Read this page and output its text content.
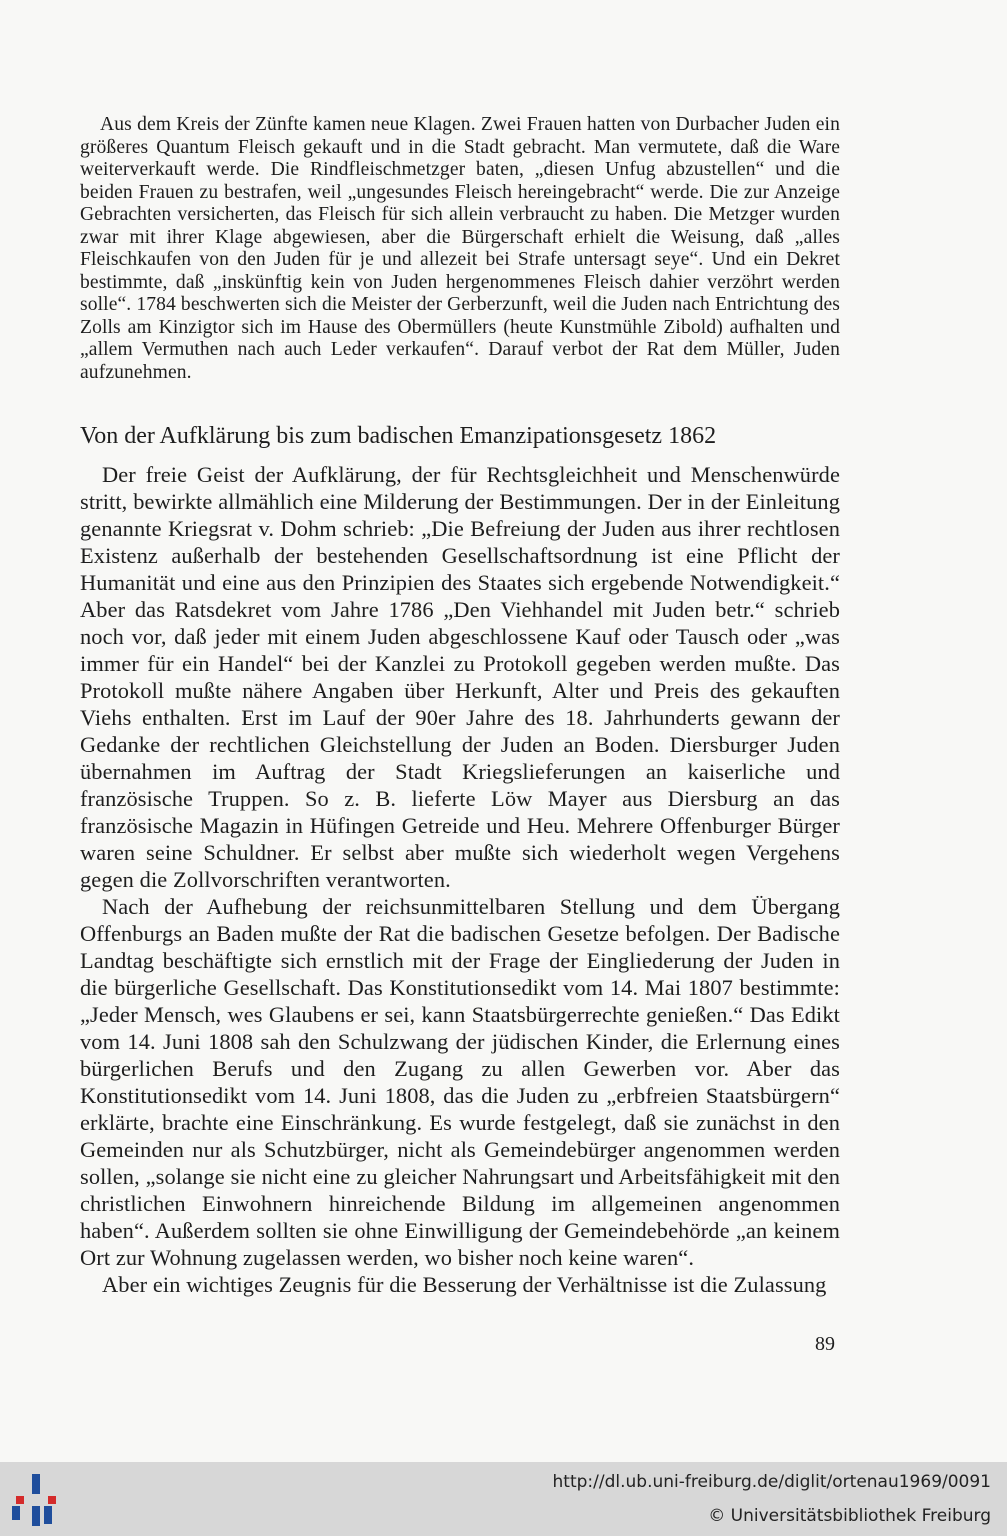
Aus dem Kreis der Zünfte kamen neue Klagen. Zwei Frauen hatten von Durbacher Juden ein größeres Quantum Fleisch gekauft und in die Stadt gebracht. Man vermutete, daß die Ware weiterverkauft werde. Die Rindfleischmetzger baten, „diesen Unfug abzustellen“ und die beiden Frauen zu bestrafen, weil „ungesundes Fleisch hereingebracht“ werde. Die zur Anzeige Gebrachten versicherten, das Fleisch für sich allein verbraucht zu haben. Die Metzger wurden zwar mit ihrer Klage abgewiesen, aber die Bürgerschaft erhielt die Weisung, daß „alles Fleischkaufen von den Juden für je und allezeit bei Strafe untersagt seye“. Und ein Dekret bestimmte, daß „inskünftig kein von Juden hergenommenes Fleisch dahier verzöhrt werden solle“. 1784 beschwerten sich die Meister der Gerberzunft, weil die Juden nach Entrichtung des Zolls am Kinzigtor sich im Hause des Obermüllers (heute Kunstmühle Zibold) aufhalten und „allem Vermuthen nach auch Leder verkaufen“. Darauf verbot der Rat dem Müller, Juden aufzunehmen.

Von der Aufklärung bis zum badischen Emanzipationsgesetz 1862

Der freie Geist der Aufklärung, der für Rechtsgleichheit und Menschenwürde stritt, bewirkte allmählich eine Milderung der Bestimmungen. Der in der Einleitung genannte Kriegsrat v. Dohm schrieb: „Die Befreiung der Juden aus ihrer rechtlosen Existenz außerhalb der bestehenden Gesellschaftsordnung ist eine Pflicht der Humanität und eine aus den Prinzipien des Staates sich ergebende Notwendigkeit.“ Aber das Ratsdekret vom Jahre 1786 „Den Viehhandel mit Juden betr.“ schrieb noch vor, daß jeder mit einem Juden abgeschlossene Kauf oder Tausch oder „was immer für ein Handel“ bei der Kanzlei zu Protokoll gegeben werden mußte. Das Protokoll mußte nähere Angaben über Herkunft, Alter und Preis des gekauften Viehs enthalten. Erst im Lauf der 90er Jahre des 18. Jahrhunderts gewann der Gedanke der rechtlichen Gleichstellung der Juden an Boden. Diersburger Juden übernahmen im Auftrag der Stadt Kriegslieferungen an kaiserliche und französische Truppen. So z. B. lieferte Löw Mayer aus Diersburg an das französische Magazin in Hüfingen Getreide und Heu. Mehrere Offenburger Bürger waren seine Schuldner. Er selbst aber mußte sich wiederholt wegen Vergehens gegen die Zollvorschriften verantworten.

Nach der Aufhebung der reichsunmittelbaren Stellung und dem Übergang Offenburgs an Baden mußte der Rat die badischen Gesetze befolgen. Der Badische Landtag beschäftigte sich ernstlich mit der Frage der Eingliederung der Juden in die bürgerliche Gesellschaft. Das Konstitutionsedikt vom 14. Mai 1807 bestimmte: „Jeder Mensch, wes Glaubens er sei, kann Staatsbürgerrechte genießen.“ Das Edikt vom 14. Juni 1808 sah den Schulzwang der jüdischen Kinder, die Erlernung eines bürgerlichen Berufs und den Zugang zu allen Gewerben vor. Aber das Konstitutionsedikt vom 14. Juni 1808, das die Juden zu „erbfreien Staatsbürgern“ erklärte, brachte eine Einschränkung. Es wurde festgelegt, daß sie zunächst in den Gemeinden nur als Schutzbürger, nicht als Gemeindebürger angenommen werden sollen, „solange sie nicht eine zu gleicher Nahrungsart und Arbeitsfähigkeit mit den christlichen Einwohnern hinreichende Bildung im allgemeinen angenommen haben“. Außerdem sollten sie ohne Einwilligung der Gemeindebehörde „an keinem Ort zur Wohnung zugelassen werden, wo bisher noch keine waren“.

Aber ein wichtiges Zeugnis für die Besserung der Verhältnisse ist die Zulassung

89
http://dl.ub.uni-freiburg.de/diglit/ortenau1969/0091
© Universitätsbibliothek Freiburg
